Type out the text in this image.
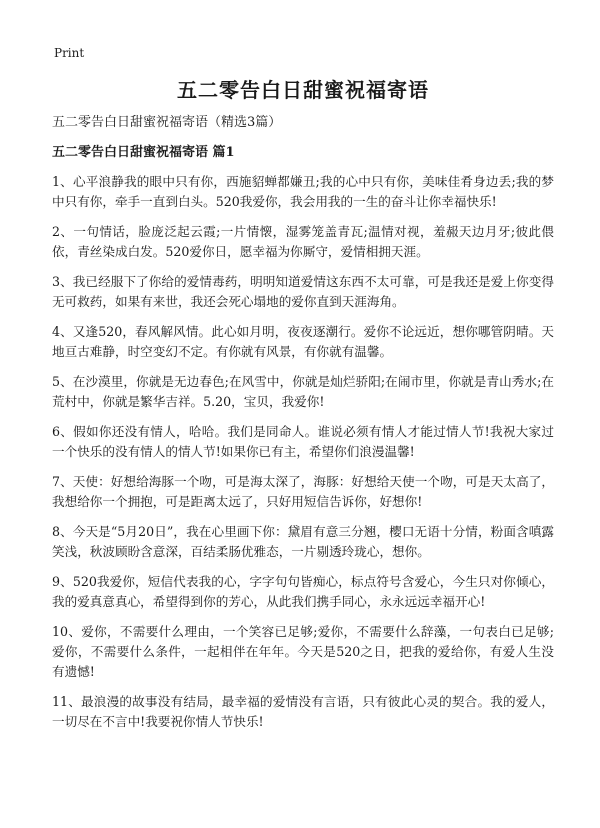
Print
五二零告白日甜蜜祝福寄语
五二零告白日甜蜜祝福寄语（精选3篇）
五二零告白日甜蜜祝福寄语 篇1

1、心平浪静我的眼中只有你，西施貂蝉都嫌丑;我的心中只有你，美味佳肴身边丢;我的梦中只有你，牵手一直到白头。520我爱你，我会用我的一生的奋斗让你幸福快乐!

2、一句情话，脸庞泛起云霞;一片情懐，湿雾笼盖青瓦;温情对视，羞赧天边月牙;彼此偎依，青丝染成白发。520爱你日，愿幸福为你厮守，爱情相拥天涯。

3、我已经服下了你给的爱情毒药，明明知道爱情这东西不太可靠，可是我还是爱上你变得无可救药，如果有来世，我还会死心塌地的爱你直到天涯海角。

4、又逢520，春风解风情。此心如月明，夜夜逐潮行。爱你不论远近，想你哪管阴晴。天地亘古难静，时空变幻不定。有你就有风景，有你就有温馨。

5、在沙漠里，你就是无边春色;在风雪中，你就是灿烂骄阳;在闹市里，你就是青山秀水;在荒村中，你就是繁华吉祥。5.20，宝贝，我爱你!

6、假如你还没有情人，哈哈。我们是同命人。谁说必须有情人才能过情人节!我祝大家过一个快乐的没有情人的情人节!如果你已有主，希望你们浪漫温馨!

7、天使：好想给海豚一个吻，可是海太深了，海豚：好想给天使一个吻，可是天太高了，我想给你一个拥抱，可是距离太远了，只好用短信告诉你，好想你!

8、今天是“5月20日”，我在心里画下你：黛眉有意三分翘，樱口无语十分情，粉面含嗔露笑浅，秋波顾盼含意深，百结柔肠优雅态，一片剔透玲珑心，想你。

9、520我爱你，短信代表我的心，字字句句皆痴心，标点符号含爱心，今生只对你倾心，我的爱真意真心，希望得到你的芳心，从此我们携手同心，永永远远幸福开心!

10、爱你，不需要什么理由，一个笑容已足够;爱你，不需要什么辞藻，一句表白已足够;爱你，不需要什么条件，一起相伴在年年。今天是520之日，把我的爱给你，有爱人生没有遗憾!

11、最浪漫的故事没有结局，最幸福的爱情没有言语，只有彼此心灵的契合。我的爱人，一切尽在不言中!我要祝你情人节快乐!
